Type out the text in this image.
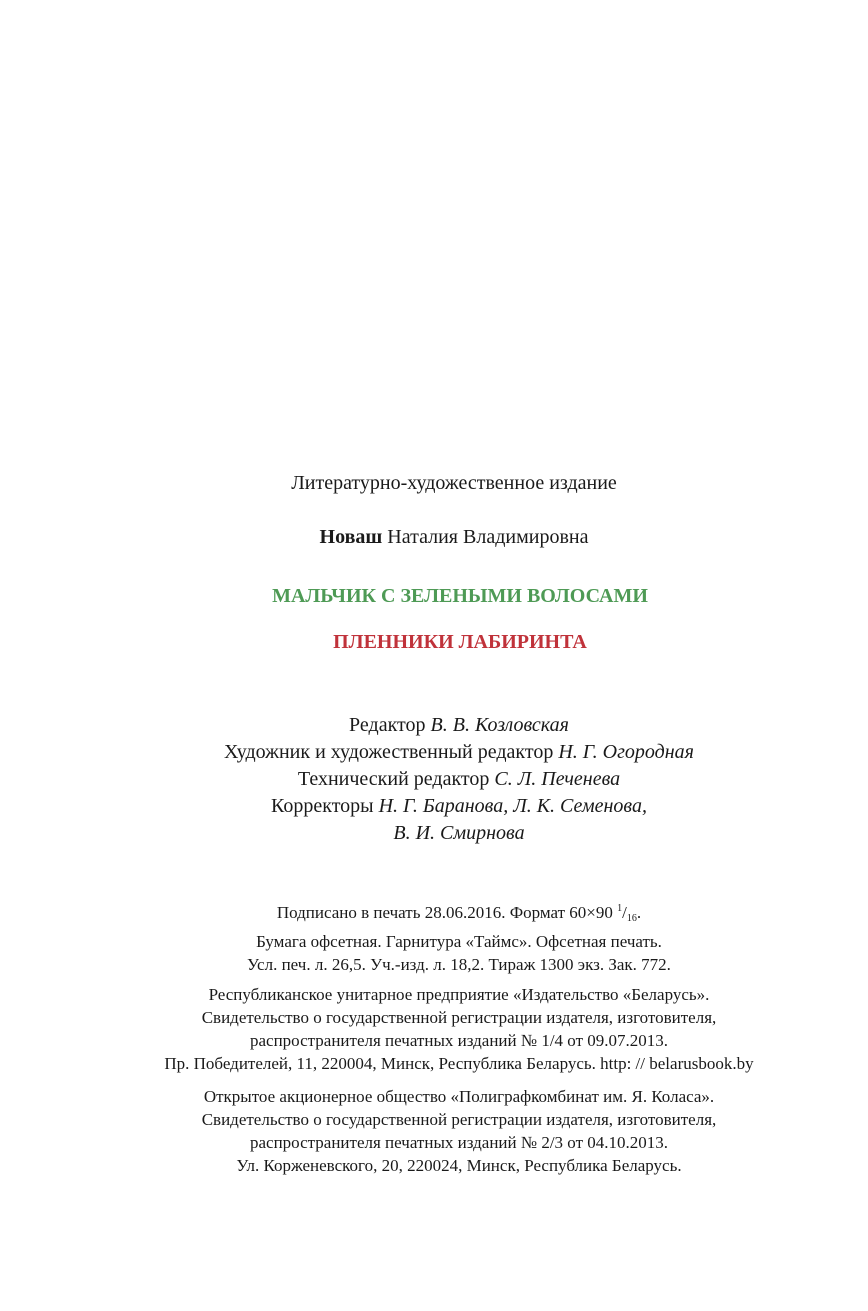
Литературно-художественное издание
Новаш Наталия Владимировна
МАЛЬЧИК С ЗЕЛЕНЫМИ ВОЛОСАМИ
ПЛЕННИКИ ЛАБИРИНТА
Редактор В. В. Козловская
Художник и художественный редактор Н. Г. Огородная
Технический редактор С. Л. Печенева
Корректоры Н. Г. Баранова, Л. К. Семенова,
В. И. Смирнова
Подписано в печать 28.06.2016. Формат 60×90 $^1/_{16}$.
Бумага офсетная. Гарнитура «Таймс». Офсетная печать.
Усл. печ. л. 26,5. Уч.-изд. л. 18,2. Тираж 1300 экз. Зак. 772.
Республиканское унитарное предприятие «Издательство «Беларусь».
Свидетельство о государственной регистрации издателя, изготовителя,
распространителя печатных изданий № 1/4 от 09.07.2013.
Пр. Победителей, 11, 220004, Минск, Республика Беларусь. http: // belarusbook.by
Открытое акционерное общество «Полиграфкомбинат им. Я. Коласа».
Свидетельство о государственной регистрации издателя, изготовителя,
распространителя печатных изданий № 2/3 от 04.10.2013.
Ул. Корженевского, 20, 220024, Минск, Республика Беларусь.
